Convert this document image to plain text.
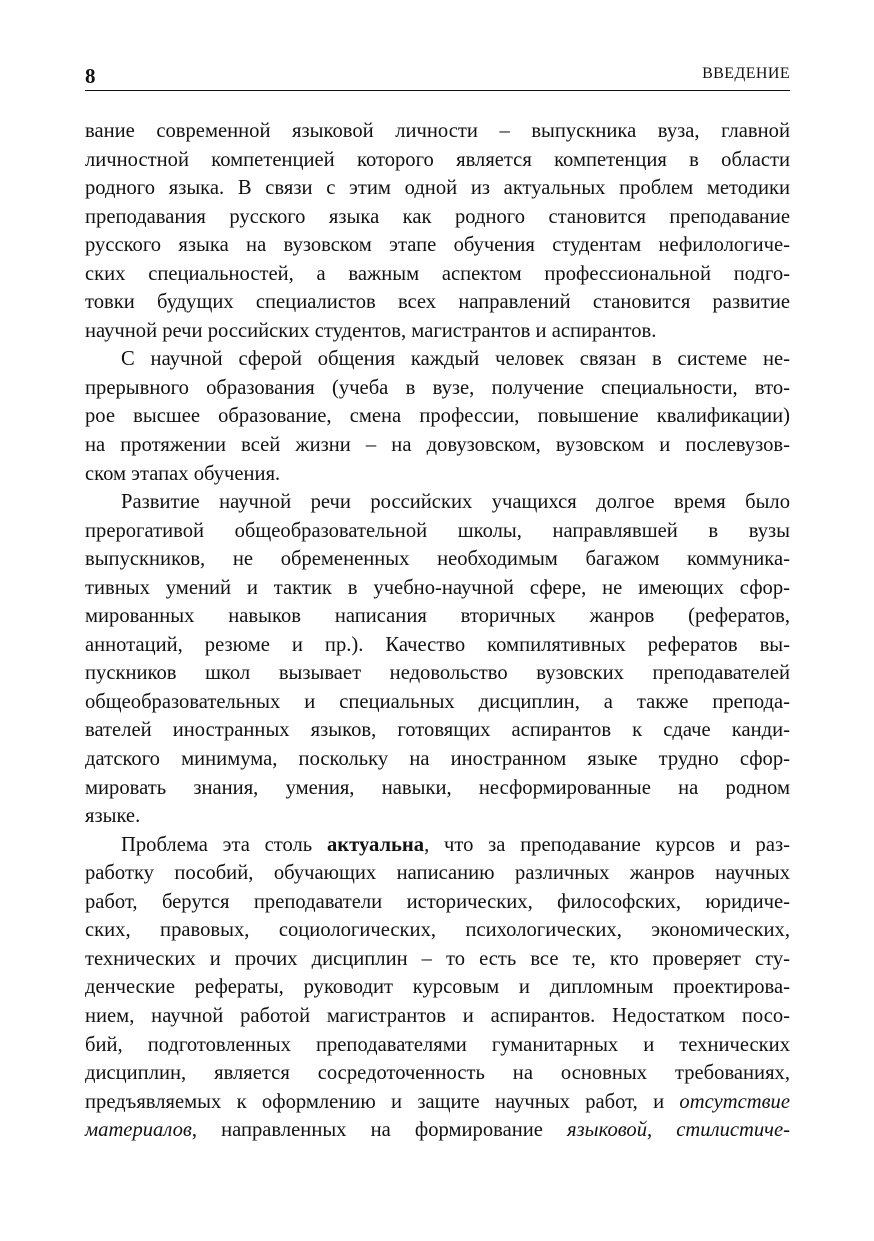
8	ВВЕДЕНИЕ
вание современной языковой личности – выпускника вуза, главной
личностной компетенцией которого является компетенция в области
родного языка. В связи с этим одной из актуальных проблем методики
преподавания русского языка как родного становится преподавание
русского языка на вузовском этапе обучения студентам нефилологиче-
ских специальностей, а важным аспектом профессиональной подго-
товки будущих специалистов всех направлений становится развитие
научной речи российских студентов, магистрантов и аспирантов.
С научной сферой общения каждый человек связан в системе не-
прерывного образования (учеба в вузе, получение специальности, вто-
рое высшее образование, смена профессии, повышение квалификации)
на протяжении всей жизни – на довузовском, вузовском и послевузов-
ском этапах обучения.
Развитие научной речи российских учащихся долгое время было
прерогативой общеобразовательной школы, направлявшей в вузы
выпускников, не обремененных необходимым багажом коммуника-
тивных умений и тактик в учебно-научной сфере, не имеющих сфор-
мированных навыков написания вторичных жанров (рефератов,
аннотаций, резюме и пр.). Качество компилятивных рефератов вы-
пускников школ вызывает недовольство вузовских преподавателей
общеобразовательных и специальных дисциплин, а также препода-
вателей иностранных языков, готовящих аспирантов к сдаче канди-
датского минимума, поскольку на иностранном языке трудно сфор-
мировать знания, умения, навыки, несформированные на родном
языке.
Проблема эта столь актуальна, что за преподавание курсов и раз-
работку пособий, обучающих написанию различных жанров научных
работ, берутся преподаватели исторических, философских, юридиче-
ских, правовых, социологических, психологических, экономических,
технических и прочих дисциплин – то есть все те, кто проверяет сту-
денческие рефераты, руководит курсовым и дипломным проектирова-
нием, научной работой магистрантов и аспирантов. Недостатком посо-
бий, подготовленных преподавателями гуманитарных и технических
дисциплин, является сосредоточенность на основных требованиях,
предъявляемых к оформлению и защите научных работ, и отсутствие
материалов, направленных на формирование языковой, стилистиче-
